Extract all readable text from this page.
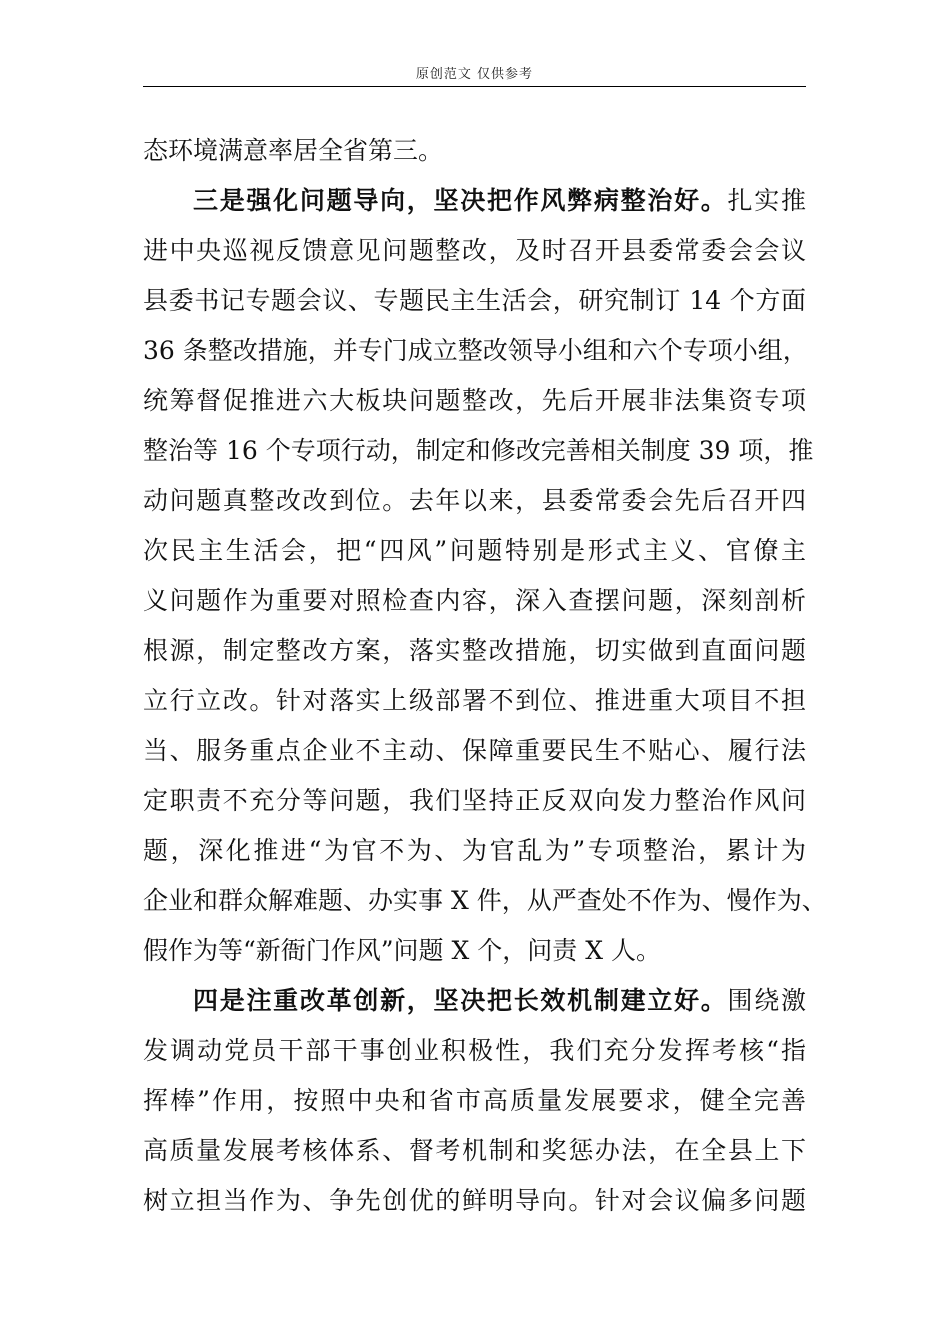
原创范文 仅供参考
态环境满意率居全省第三。
三是强化问题导向，坚决把作风弊病整治好。扎实推
进中央巡视反馈意见问题整改，及时召开县委常委会会议
县委书记专题会议、专题民主生活会，研究制订 14 个方面
36 条整改措施，并专门成立整改领导小组和六个专项小组，
统筹督促推进六大板块问题整改，先后开展非法集资专项
整治等 16 个专项行动，制定和修改完善相关制度 39 项，推
动问题真整改改到位。去年以来，县委常委会先后召开四
次民主生活会，把“四风”问题特别是形式主义、官僚主
义问题作为重要对照检查内容，深入查摆问题，深刻剖析
根源，制定整改方案，落实整改措施，切实做到直面问题
立行立改。针对落实上级部署不到位、推进重大项目不担
当、服务重点企业不主动、保障重要民生不贴心、履行法
定职责不充分等问题，我们坚持正反双向发力整治作风问
题，深化推进“为官不为、为官乱为”专项整治，累计为
企业和群众解难题、办实事 X 件，从严查处不作为、慢作为、
假作为等“新衙门作风”问题 X 个，问责 X 人。
四是注重改革创新，坚决把长效机制建立好。围绕激
发调动党员干部干事创业积极性，我们充分发挥考核“指
挥棒”作用，按照中央和省市高质量发展要求，健全完善
高质量发展考核体系、督考机制和奖惩办法，在全县上下
树立担当作为、争先创优的鲜明导向。针对会议偏多问题
